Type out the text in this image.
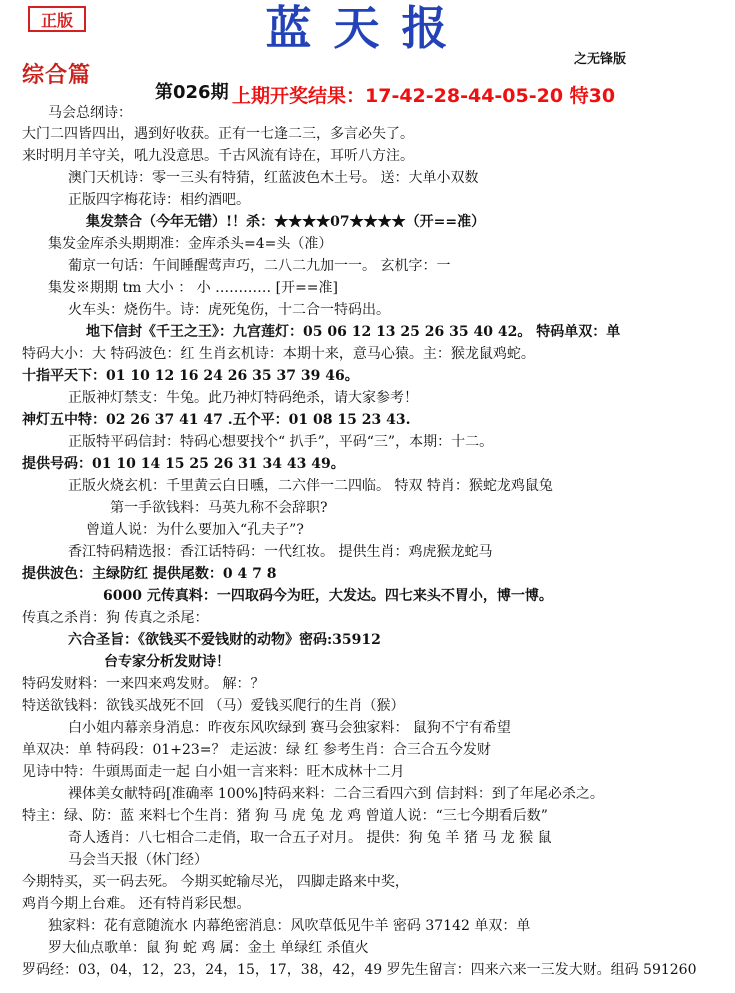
正版	蓝天报
之无锋版
综合篇
第026期 上期开奖结果：17-42-28-44-05-20 特30
马会总纲诗：
大门二四皆四出，遇到好收获。正有一七逢二三，多言必失了。
来时明月羊守关，吼九没意思。千古风流有诗在，耳听八方注。
澳门天机诗：零一三头有特猜，红蓝波色木土号。 送：大单小双数
正版四字梅花诗：相约酒吧。
集发禁合（今年无错）!！杀：★★★★07★★★★（开==准）
集发金库杀头期期准：金库杀头=4=头（准）
葡京一句话：午间睡醒莺声巧，二八二九加一一。 玄机字：一
集发※期期 tm 大小 ： 小 ………… [开==准]
火车头：烧伤牛。诗：虎死兔伤，十二合一特码出。
地下信封《千王之王》：九宫莲灯：05 06 12 13 25 26 35 40 42。 特码单双：单
特码大小：大 特码波色：红 生肖玄机诗：本期十来，意马心猿。主：猴龙鼠鸡蛇。
十指平天下：01 10 12 16 24 26 35 37 39 46。
正版神灯禁支：牛兔。此乃神灯特码绝杀，请大家参考！
神灯五中特：02 26 37 41 47 .五个平：01 08 15 23 43.
正版特平码信封：特码心想要找个“ 扒手”，平码“三”，本期：十二。
提供号码：01 10 14 15 25 26 31 34 43 49。
正版火烧玄机：千里黄云白日曛，二六伴一二四临。 特双 特肖：猴蛇龙鸡鼠兔
第一手欲钱料：马英九称不会辞职?
曾道人说：为什么要加入“孔夫子”?
香江特码精选报：香江话特码：一代红妆。 提供生肖：鸡虎猴龙蛇马
提供波色：主绿防红 提供尾数：0 4 7 8
6000 元传真料：一四取码今为旺，大发达。四七来头不胃小，博一博。
传真之杀肖：狗 传真之杀尾：
六合圣旨：《欲钱买不爱钱财的动物》密码:35912
台专家分析发财诗！
特码发财料：一来四来鸡发财。 解：？
特送欲钱料：欲钱买战死不回 （马）爱钱买爬行的生肖（猴）
白小姐内幕亲身消息：昨夜东风吹绿到 赛马会独家料： 鼠狗不宁有希望
单双决：单 特码段：01+23=？ 走运波：绿 红 参考生肖：合三合五今发财
见诗中特：牛頭馬面走一起 白小姐一言来料：旺木成林十二月
裸体美女献特码[准确率 100%]特码来料：二合三看四六到 信封料：到了年尾必杀之。
特主：绿、防：蓝 来料七个生肖：猪 狗 马 虎 兔 龙 鸡 曾道人说：“三七今期看后数”
奇人透肖：八七相合二走俏，取一合五子对月。 提供：狗 兔 羊 猪 马 龙 猴 鼠
马会当天报（休门经）
今期特买，买一码去死。 今期买蛇输尽光， 四脚走路来中奖，
鸡肖今期上台难。 还有特肖彩民想。
独家料：花有意随流水 内幕绝密消息：风吹草低见牛羊 密码 37142 单双：单
罗大仙点歌单：鼠 狗 蛇 鸡 属：金土 单绿红 杀值火
罗码经：03，04，12，23，24，15，17，38，42，49 罗先生留言：四来六来一三发大财。组码 591260
